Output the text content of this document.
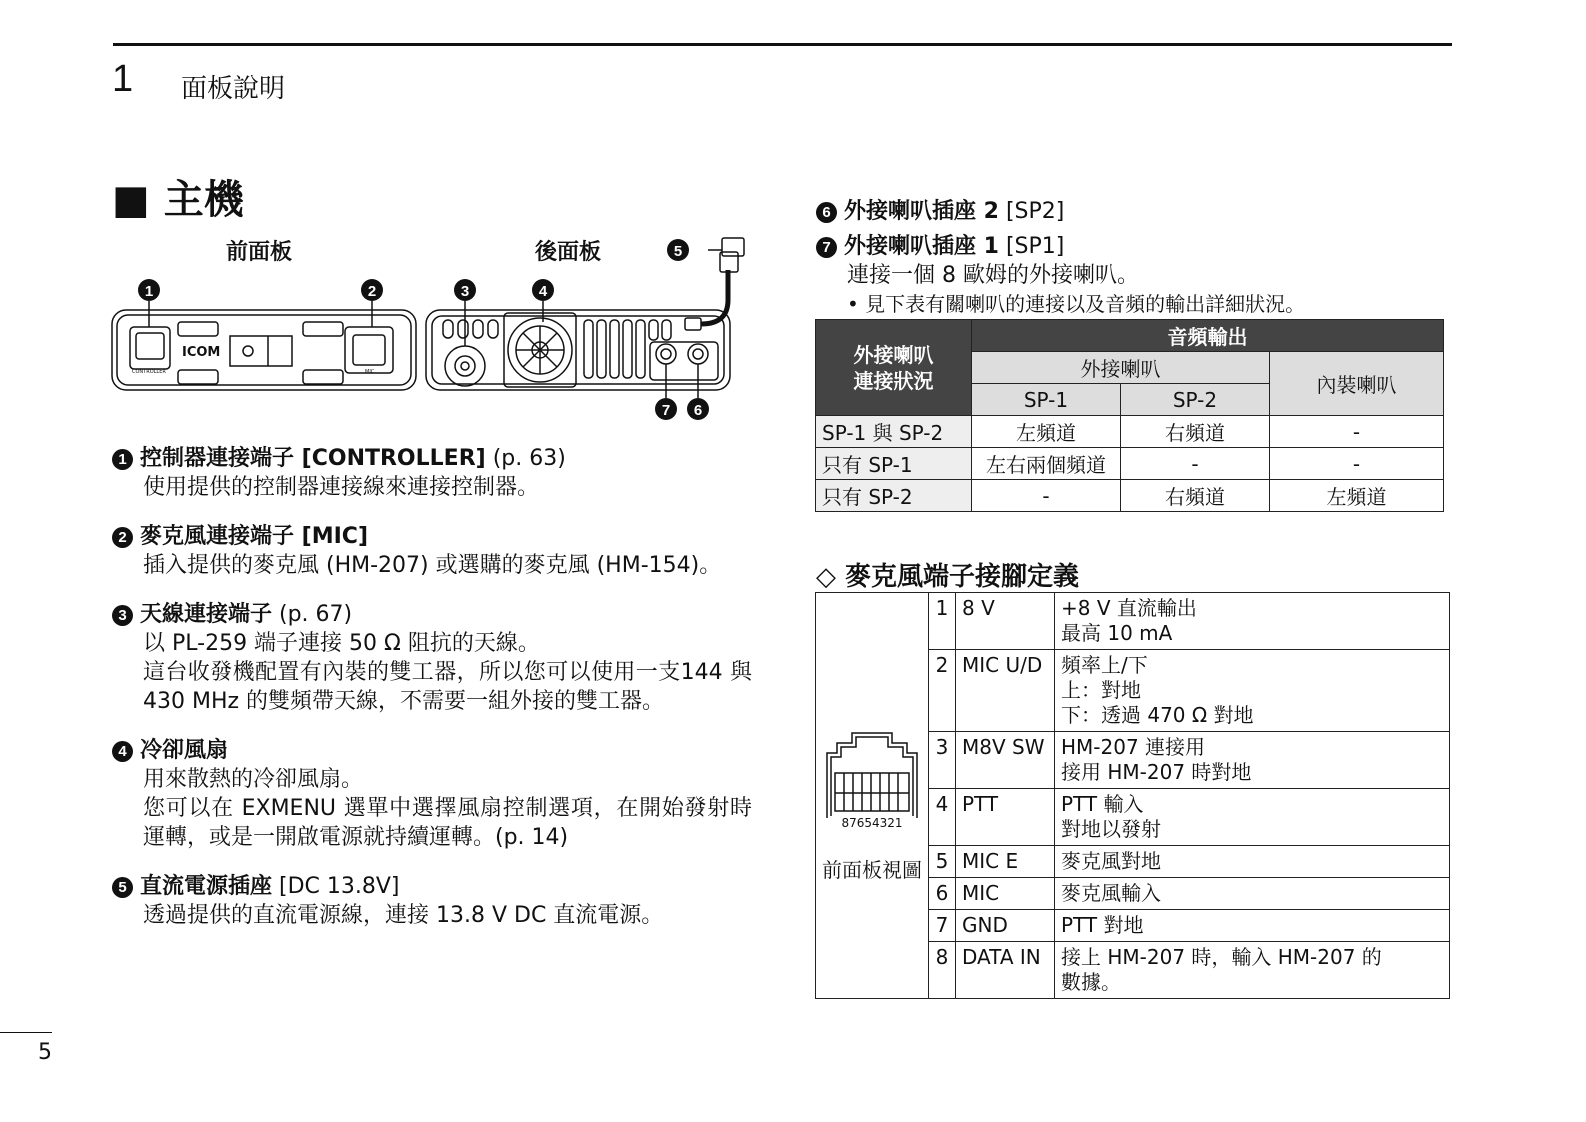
1 面板說明
■ 主機
前面板	後面板
CONTROLLER	MIC
ICOM
1	2	3	4
5
6
7
1 控制器連接端子 [CONTROLLER] (p. 63)
使用提供的控制器連接線來連接控制器。
2 麥克風連接端子 [MIC]
插入提供的麥克風 (HM-207) 或選購的麥克風 (HM-154)。
3 天線連接端子 (p. 67)
以 PL-259 端子連接 50 Ω 阻抗的天線。
這台收發機配置有內裝的雙工器，所以您可以使用一支144 與 430 MHz 的雙頻帶天線，不需要一組外接的雙工器。
4 冷卻風扇
用來散熱的冷卻風扇。
您可以在 EXMENU 選單中選擇風扇控制選項，在開始發射時運轉，或是一開啟電源就持續運轉。(p. 14)
5 直流電源插座 [DC 13.8V]
透過提供的直流電源線，連接 13.8 V DC 直流電源。
6 外接喇叭插座 2 [SP2]
7 外接喇叭插座 1 [SP1]
連接一個 8 歐姆的外接喇叭。
• 見下表有關喇叭的連接以及音頻的輸出詳細狀況。
外接喇叭
連接狀況	音頻輸出		
	外接喇叭		內裝喇叭
	SP-1	SP-2	
SP-1 與 SP-2	左頻道	右頻道	-
只有 SP-1	左右兩個頻道	-	-
只有 SP-2	-	右頻道	左頻道
◇ 麥克風端子接腳定義
87654321
前面板視圖	1	8 V	+8 V 直流輸出
最高 10 mA
	2	MIC U/D	頻率上/下
上：對地
下：透過 470 Ω 對地
	3	M8V SW	HM-207 連接用
接用 HM-207 時對地
	4	PTT	PTT 輸入
對地以發射
	5	MIC E	麥克風對地
	6	MIC	麥克風輸入
	7	GND	PTT 對地
	8	DATA IN	接上 HM-207 時，輸入 HM-207 的
數據。
5
